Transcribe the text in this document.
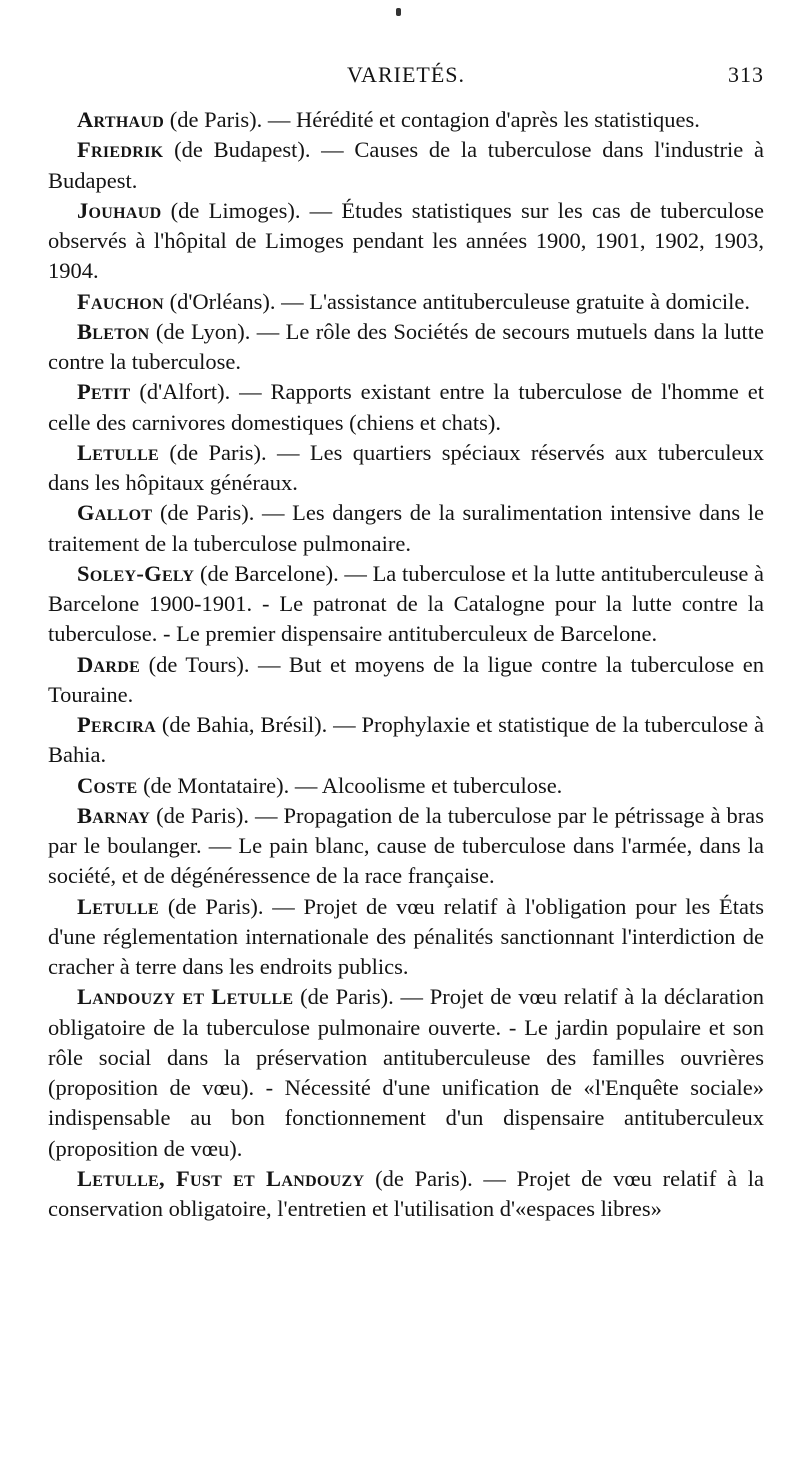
VARIETÉS.	313

Arthaud (de Paris). — Hérédité et contagion d'après les statistiques.

Friedrik (de Budapest). — Causes de la tuberculose dans l'industrie à Budapest.

Jouhaud (de Limoges). — Études statistiques sur les cas de tuberculose observés à l'hôpital de Limoges pendant les années 1900, 1901, 1902, 1903, 1904.

Fauchon (d'Orléans). — L'assistance antituberculeuse gratuite à domicile.

Bleton (de Lyon). — Le rôle des Sociétés de secours mutuels dans la lutte contre la tuberculose.

Petit (d'Alfort). — Rapports existant entre la tuberculose de l'homme et celle des carnivores domestiques (chiens et chats).

Letulle (de Paris). — Les quartiers spéciaux réservés aux tuberculeux dans les hôpitaux généraux.

Gallot (de Paris). — Les dangers de la suralimentation intensive dans le traitement de la tuberculose pulmonaire.

Soley-Gely (de Barcelone). — La tuberculose et la lutte antituberculeuse à Barcelone 1900-1901. - Le patronat de la Catalogne pour la lutte contre la tuberculose. - Le premier dispensaire antituberculeux de Barcelone.

Darde (de Tours). — But et moyens de la ligue contre la tuberculose en Touraine.

Percira (de Bahia, Brésil). — Prophylaxie et statistique de la tuberculose à Bahia.

Coste (de Montataire). — Alcoolisme et tuberculose.

Barnay (de Paris). — Propagation de la tuberculose par le pétrissage à bras par le boulanger. — Le pain blanc, cause de tuberculose dans l'armée, dans la société, et de dégénéressence de la race française.

Letulle (de Paris). — Projet de vœu relatif à l'obligation pour les États d'une réglementation internationale des pénalités sanctionnant l'interdiction de cracher à terre dans les endroits publics.

Landouzy et Letulle (de Paris). — Projet de vœu relatif à la déclaration obligatoire de la tuberculose pulmonaire ouverte. - Le jardin populaire et son rôle social dans la préservation antituberculeuse des familles ouvrières (proposition de vœu). - Nécessité d'une unification de «l'Enquête sociale» indispensable au bon fonctionnement d'un dispensaire antituberculeux (proposition de vœu).

Letulle, Fust et Landouzy (de Paris). — Projet de vœu relatif à la conservation obligatoire, l'entretien et l'utilisation d'«espaces libres»
